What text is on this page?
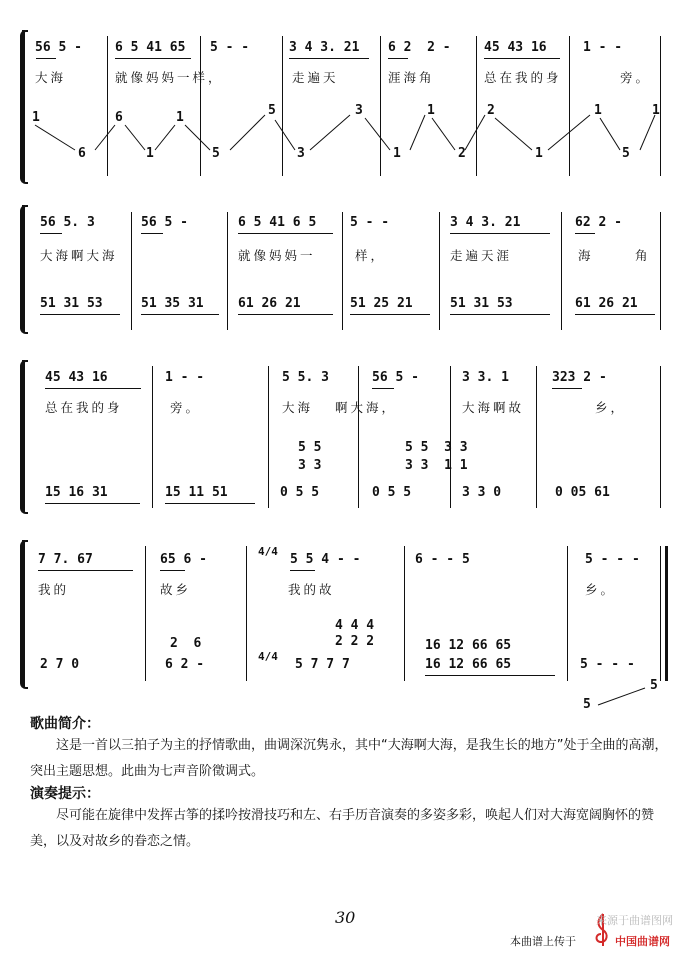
56 5 -	6 5 41 65 5 - -	3 4 3. 21 6 2  2 -	45 43 16	1 - -
大海	就像妈妈一样，	走遍天	涯海角	总在我的身	旁。
1
6
6
1
1
5
5
3
3
1
1
2
2
1
1
5
1
56 5. 3	56 5 -	6 5 41 6 5	5 - -	3 4 3. 21	62 2 -
大海啊大海	就像妈妈一	样，	走遍天涯	海	角
51 31 53	51 35 31	61 26 21	51 25 21	51 31 53	61 26 21
45 43 16	1 - -	5 5. 3	56 5 -	3 3. 1	323 2 -
总在我的身	旁。	大海 啊大海，	大海啊故	乡，
5 5
3 3
5 5  3 3
3 3  1 1
15 16 31	15 11 51	0 5 5	0 5 5	3 3 0	0 05 61
7 7. 67	65 6 -
4/4
5 5 4 - -	6 - - 5	5 - - -
我的	故乡	我的故	乡。
2  6
4 4 4
2 2 2
2 7 0	6 2 -
4/4
5 7 7 7
16 12 66 65
16 12 66 65	5 - - -
5
5
歌曲简介：
这是一首以三拍子为主的抒情歌曲，曲调深沉隽永，其中“大海啊大海，是我生长的地方”处于全曲的高潮，突出主题思想。此曲为七声音阶徵调式。
演奏提示：
尽可能在旋律中发挥古筝的揉吟按滑技巧和左、右手历音演奏的多姿多彩，唤起人们对大海宽阔胸怀的赞美，以及对故乡的眷恋之情。
30
本曲谱上传于	中国曲谱网
来源于曲谱图网
